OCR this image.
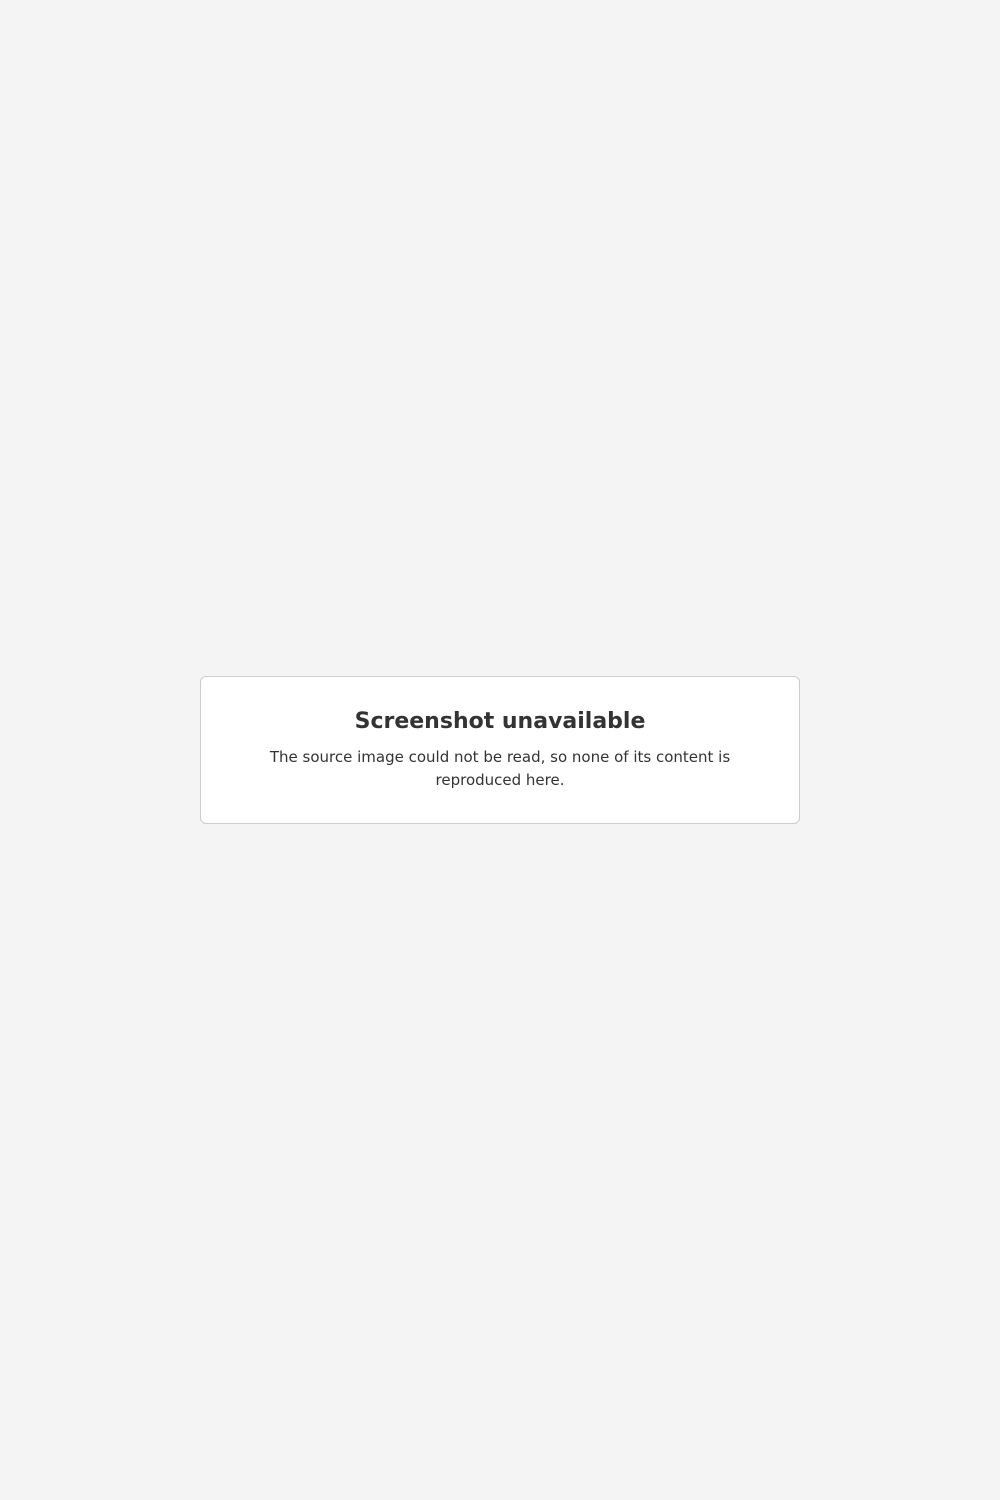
Screenshot unavailable

The source image could not be read, so none of its content is reproduced here.
